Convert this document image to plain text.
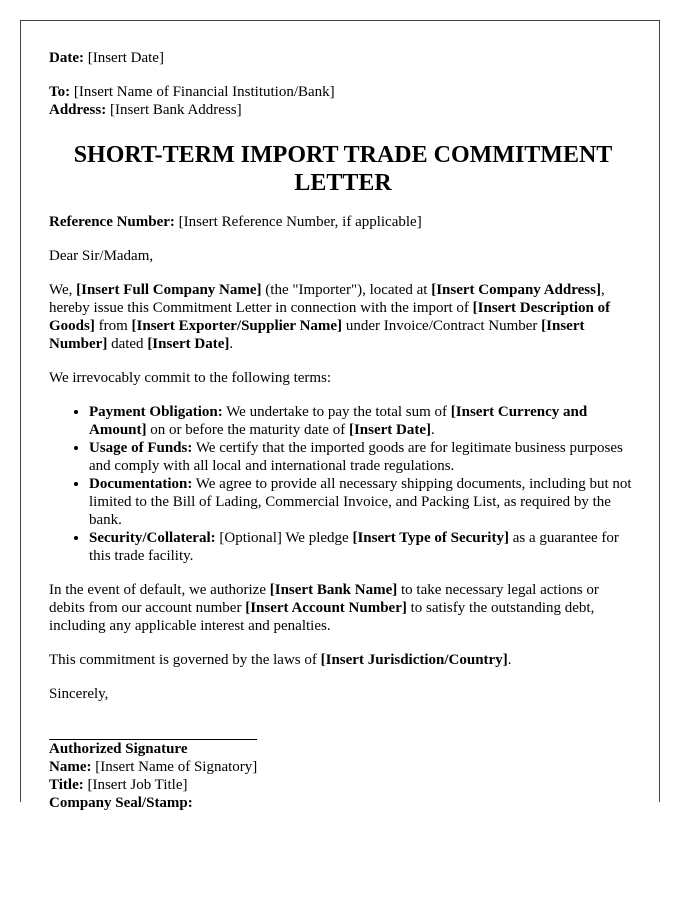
Date: [Insert Date]

To: [Insert Name of Financial Institution/Bank]

Address: [Insert Bank Address]

SHORT-TERM IMPORT TRADE COMMITMENT LETTER

Reference Number: [Insert Reference Number, if applicable]

Dear Sir/Madam,

We, [Insert Full Company Name] (the "Importer"), located at [Insert Company Address], hereby issue this Commitment Letter in connection with the import of [Insert Description of Goods] from [Insert Exporter/Supplier Name] under Invoice/Contract Number [Insert Number] dated [Insert Date].

We irrevocably commit to the following terms:

• Payment Obligation: We undertake to pay the total sum of [Insert Currency and Amount] on or before the maturity date of [Insert Date].
• Usage of Funds: We certify that the imported goods are for legitimate business purposes and comply with all local and international trade regulations.
• Documentation: We agree to provide all necessary shipping documents, including but not limited to the Bill of Lading, Commercial Invoice, and Packing List, as required by the bank.
• Security/Collateral: [Optional] We pledge [Insert Type of Security] as a guarantee for this trade facility.

In the event of default, we authorize [Insert Bank Name] to take necessary legal actions or debits from our account number [Insert Account Number] to satisfy the outstanding debt, including any applicable interest and penalties.

This commitment is governed by the laws of [Insert Jurisdiction/Country].

Sincerely,

Authorized Signature

Name: [Insert Name of Signatory]

Title: [Insert Job Title]

Company Seal/Stamp:
